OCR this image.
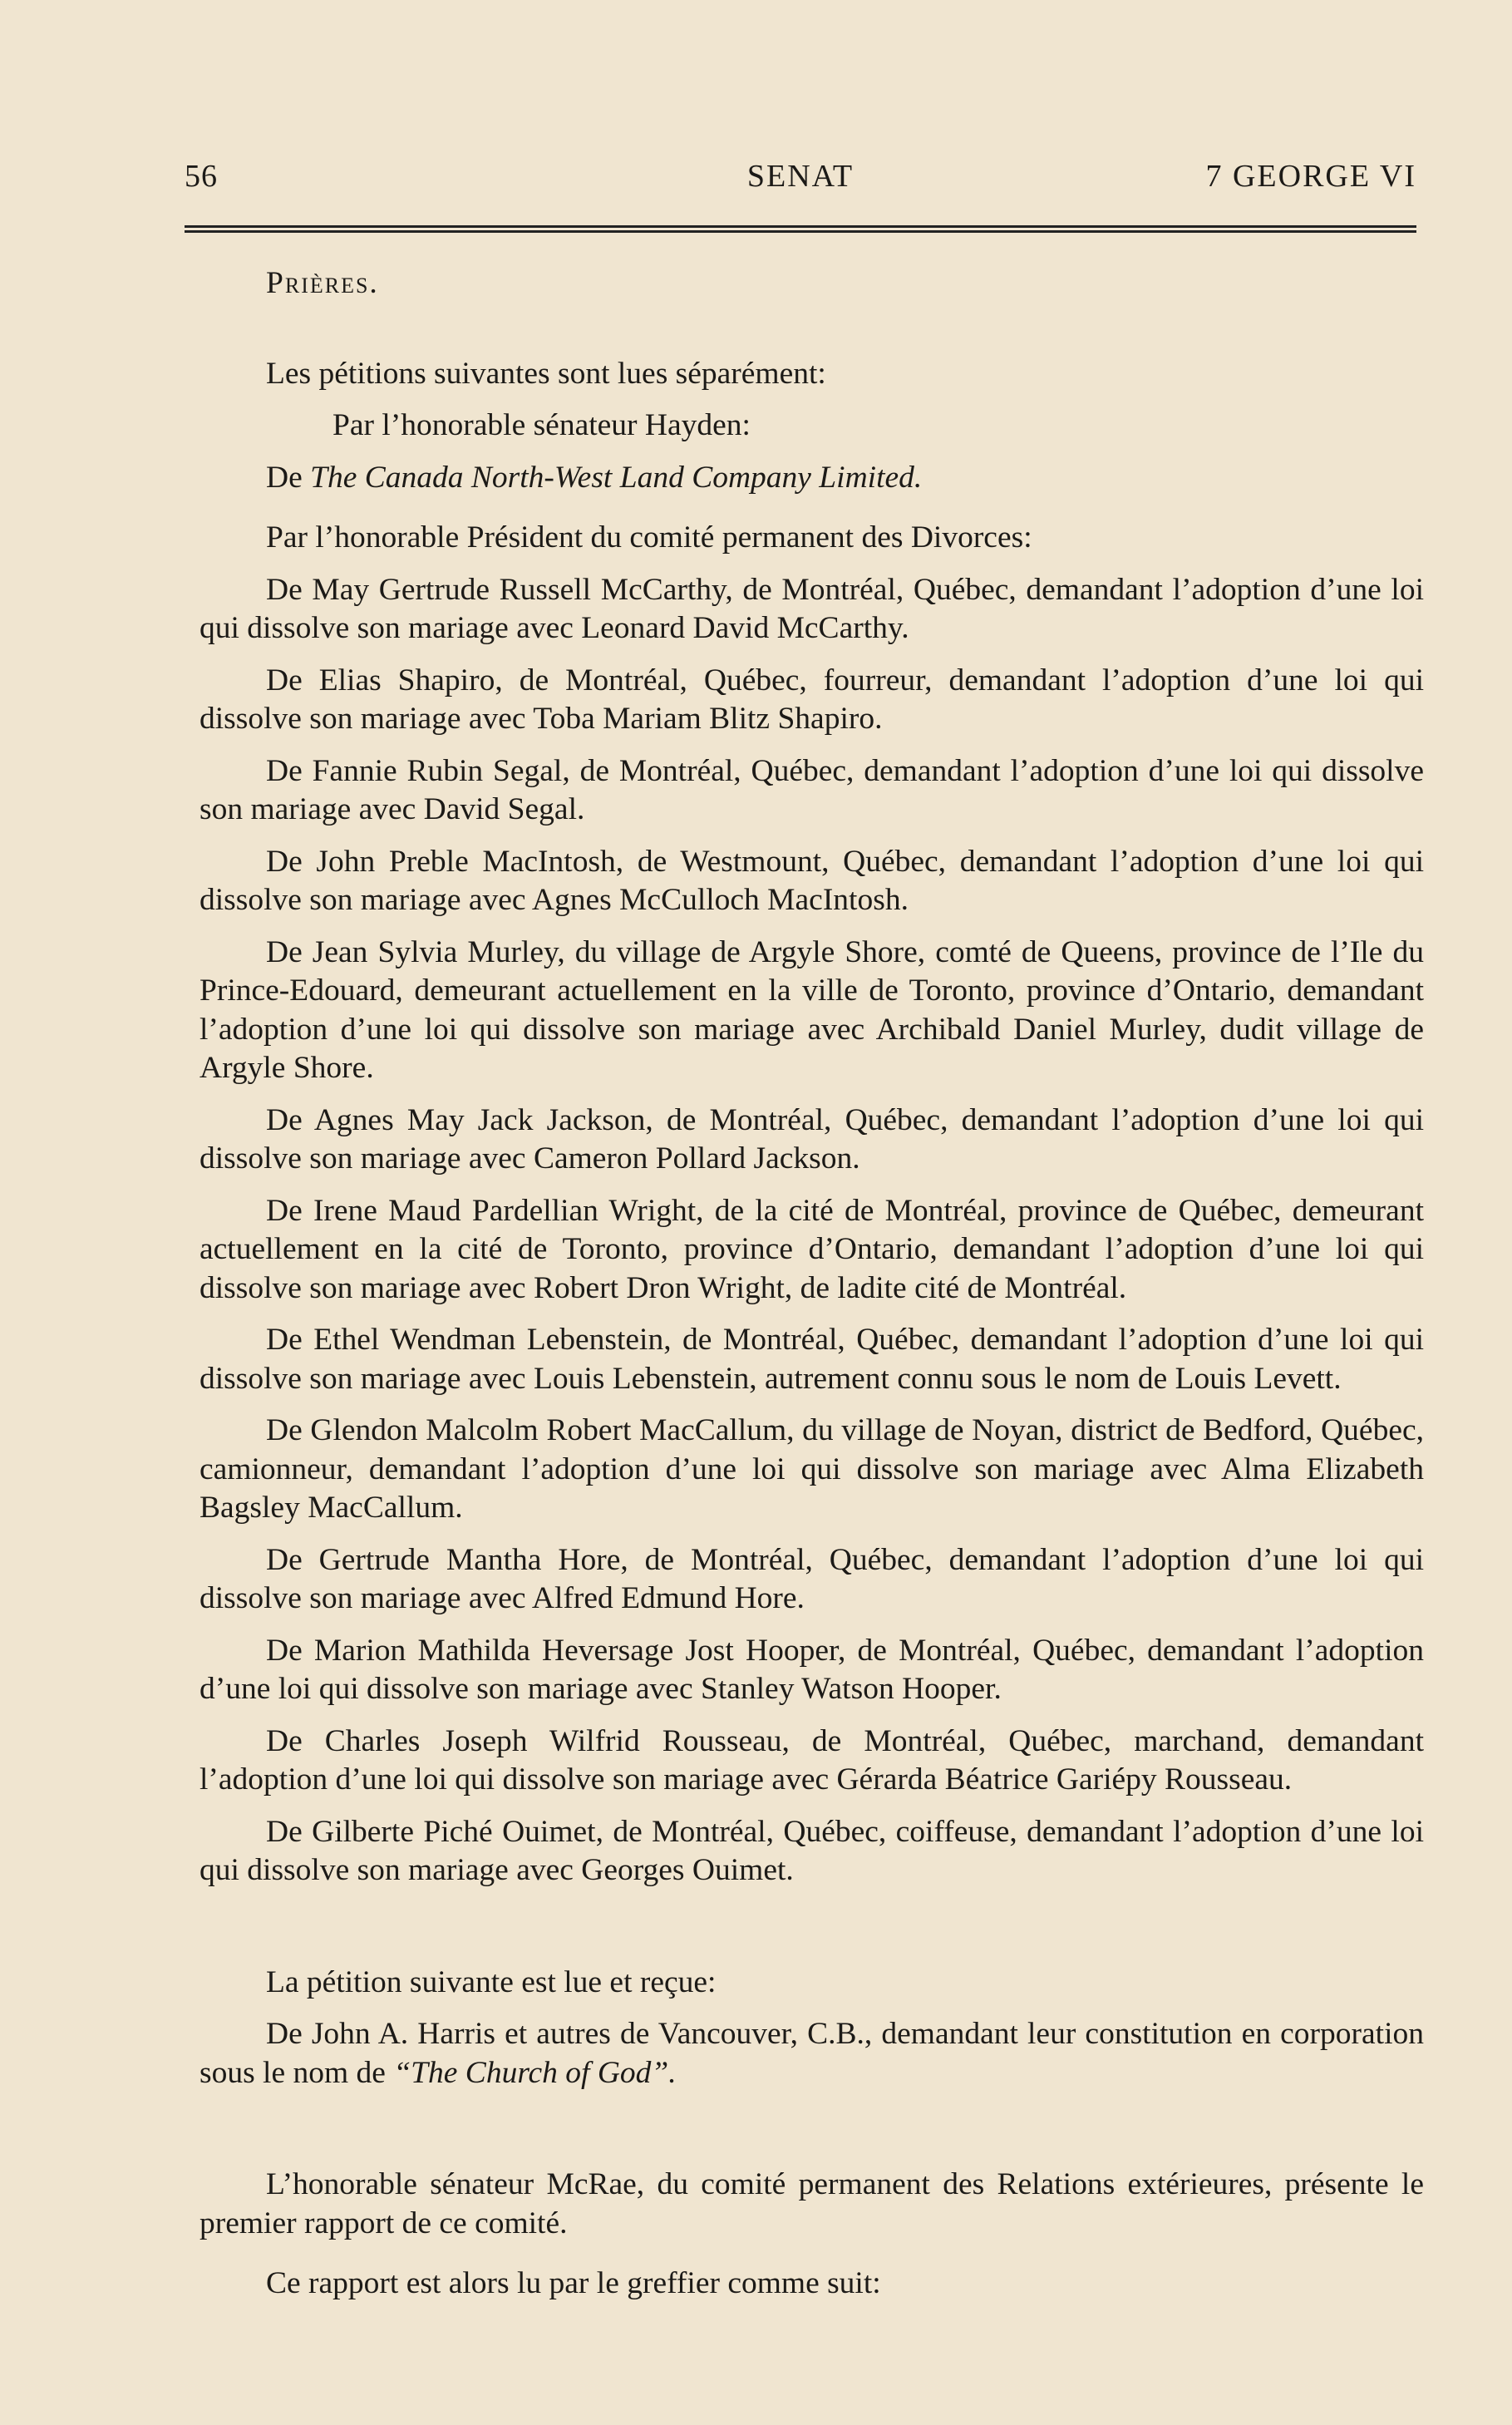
56	SENAT	7 GEORGE VI

Prières.

Les pétitions suivantes sont lues séparément:

Par l’honorable sénateur Hayden:

De The Canada North-West Land Company Limited.

Par l’honorable Président du comité permanent des Divorces:

De May Gertrude Russell McCarthy, de Montréal, Québec, demandant l’adoption d’une loi qui dissolve son mariage avec Leonard David McCarthy.

De Elias Shapiro, de Montréal, Québec, fourreur, demandant l’adoption d’une loi qui dissolve son mariage avec Toba Mariam Blitz Shapiro.

De Fannie Rubin Segal, de Montréal, Québec, demandant l’adoption d’une loi qui dissolve son mariage avec David Segal.

De John Preble MacIntosh, de Westmount, Québec, demandant l’adoption d’une loi qui dissolve son mariage avec Agnes McCulloch MacIntosh.

De Jean Sylvia Murley, du village de Argyle Shore, comté de Queens, province de l’Ile du Prince-Edouard, demeurant actuellement en la ville de Toronto, province d’Ontario, demandant l’adoption d’une loi qui dissolve son mariage avec Archibald Daniel Murley, dudit village de Argyle Shore.

De Agnes May Jack Jackson, de Montréal, Québec, demandant l’adoption d’une loi qui dissolve son mariage avec Cameron Pollard Jackson.

De Irene Maud Pardellian Wright, de la cité de Montréal, province de Québec, demeurant actuellement en la cité de Toronto, province d’Ontario, demandant l’adoption d’une loi qui dissolve son mariage avec Robert Dron Wright, de ladite cité de Montréal.

De Ethel Wendman Lebenstein, de Montréal, Québec, demandant l’adoption d’une loi qui dissolve son mariage avec Louis Lebenstein, autrement connu sous le nom de Louis Levett.

De Glendon Malcolm Robert MacCallum, du village de Noyan, district de Bedford, Québec, camionneur, demandant l’adoption d’une loi qui dissolve son mariage avec Alma Elizabeth Bagsley MacCallum.

De Gertrude Mantha Hore, de Montréal, Québec, demandant l’adoption d’une loi qui dissolve son mariage avec Alfred Edmund Hore.

De Marion Mathilda Heversage Jost Hooper, de Montréal, Québec, demandant l’adoption d’une loi qui dissolve son mariage avec Stanley Watson Hooper.

De Charles Joseph Wilfrid Rousseau, de Montréal, Québec, marchand, demandant l’adoption d’une loi qui dissolve son mariage avec Gérarda Béatrice Gariépy Rousseau.

De Gilberte Piché Ouimet, de Montréal, Québec, coiffeuse, demandant l’adoption d’une loi qui dissolve son mariage avec Georges Ouimet.

La pétition suivante est lue et reçue:

De John A. Harris et autres de Vancouver, C.B., demandant leur constitution en corporation sous le nom de “The Church of God”.

L’honorable sénateur McRae, du comité permanent des Relations extérieures, présente le premier rapport de ce comité.

Ce rapport est alors lu par le greffier comme suit:
